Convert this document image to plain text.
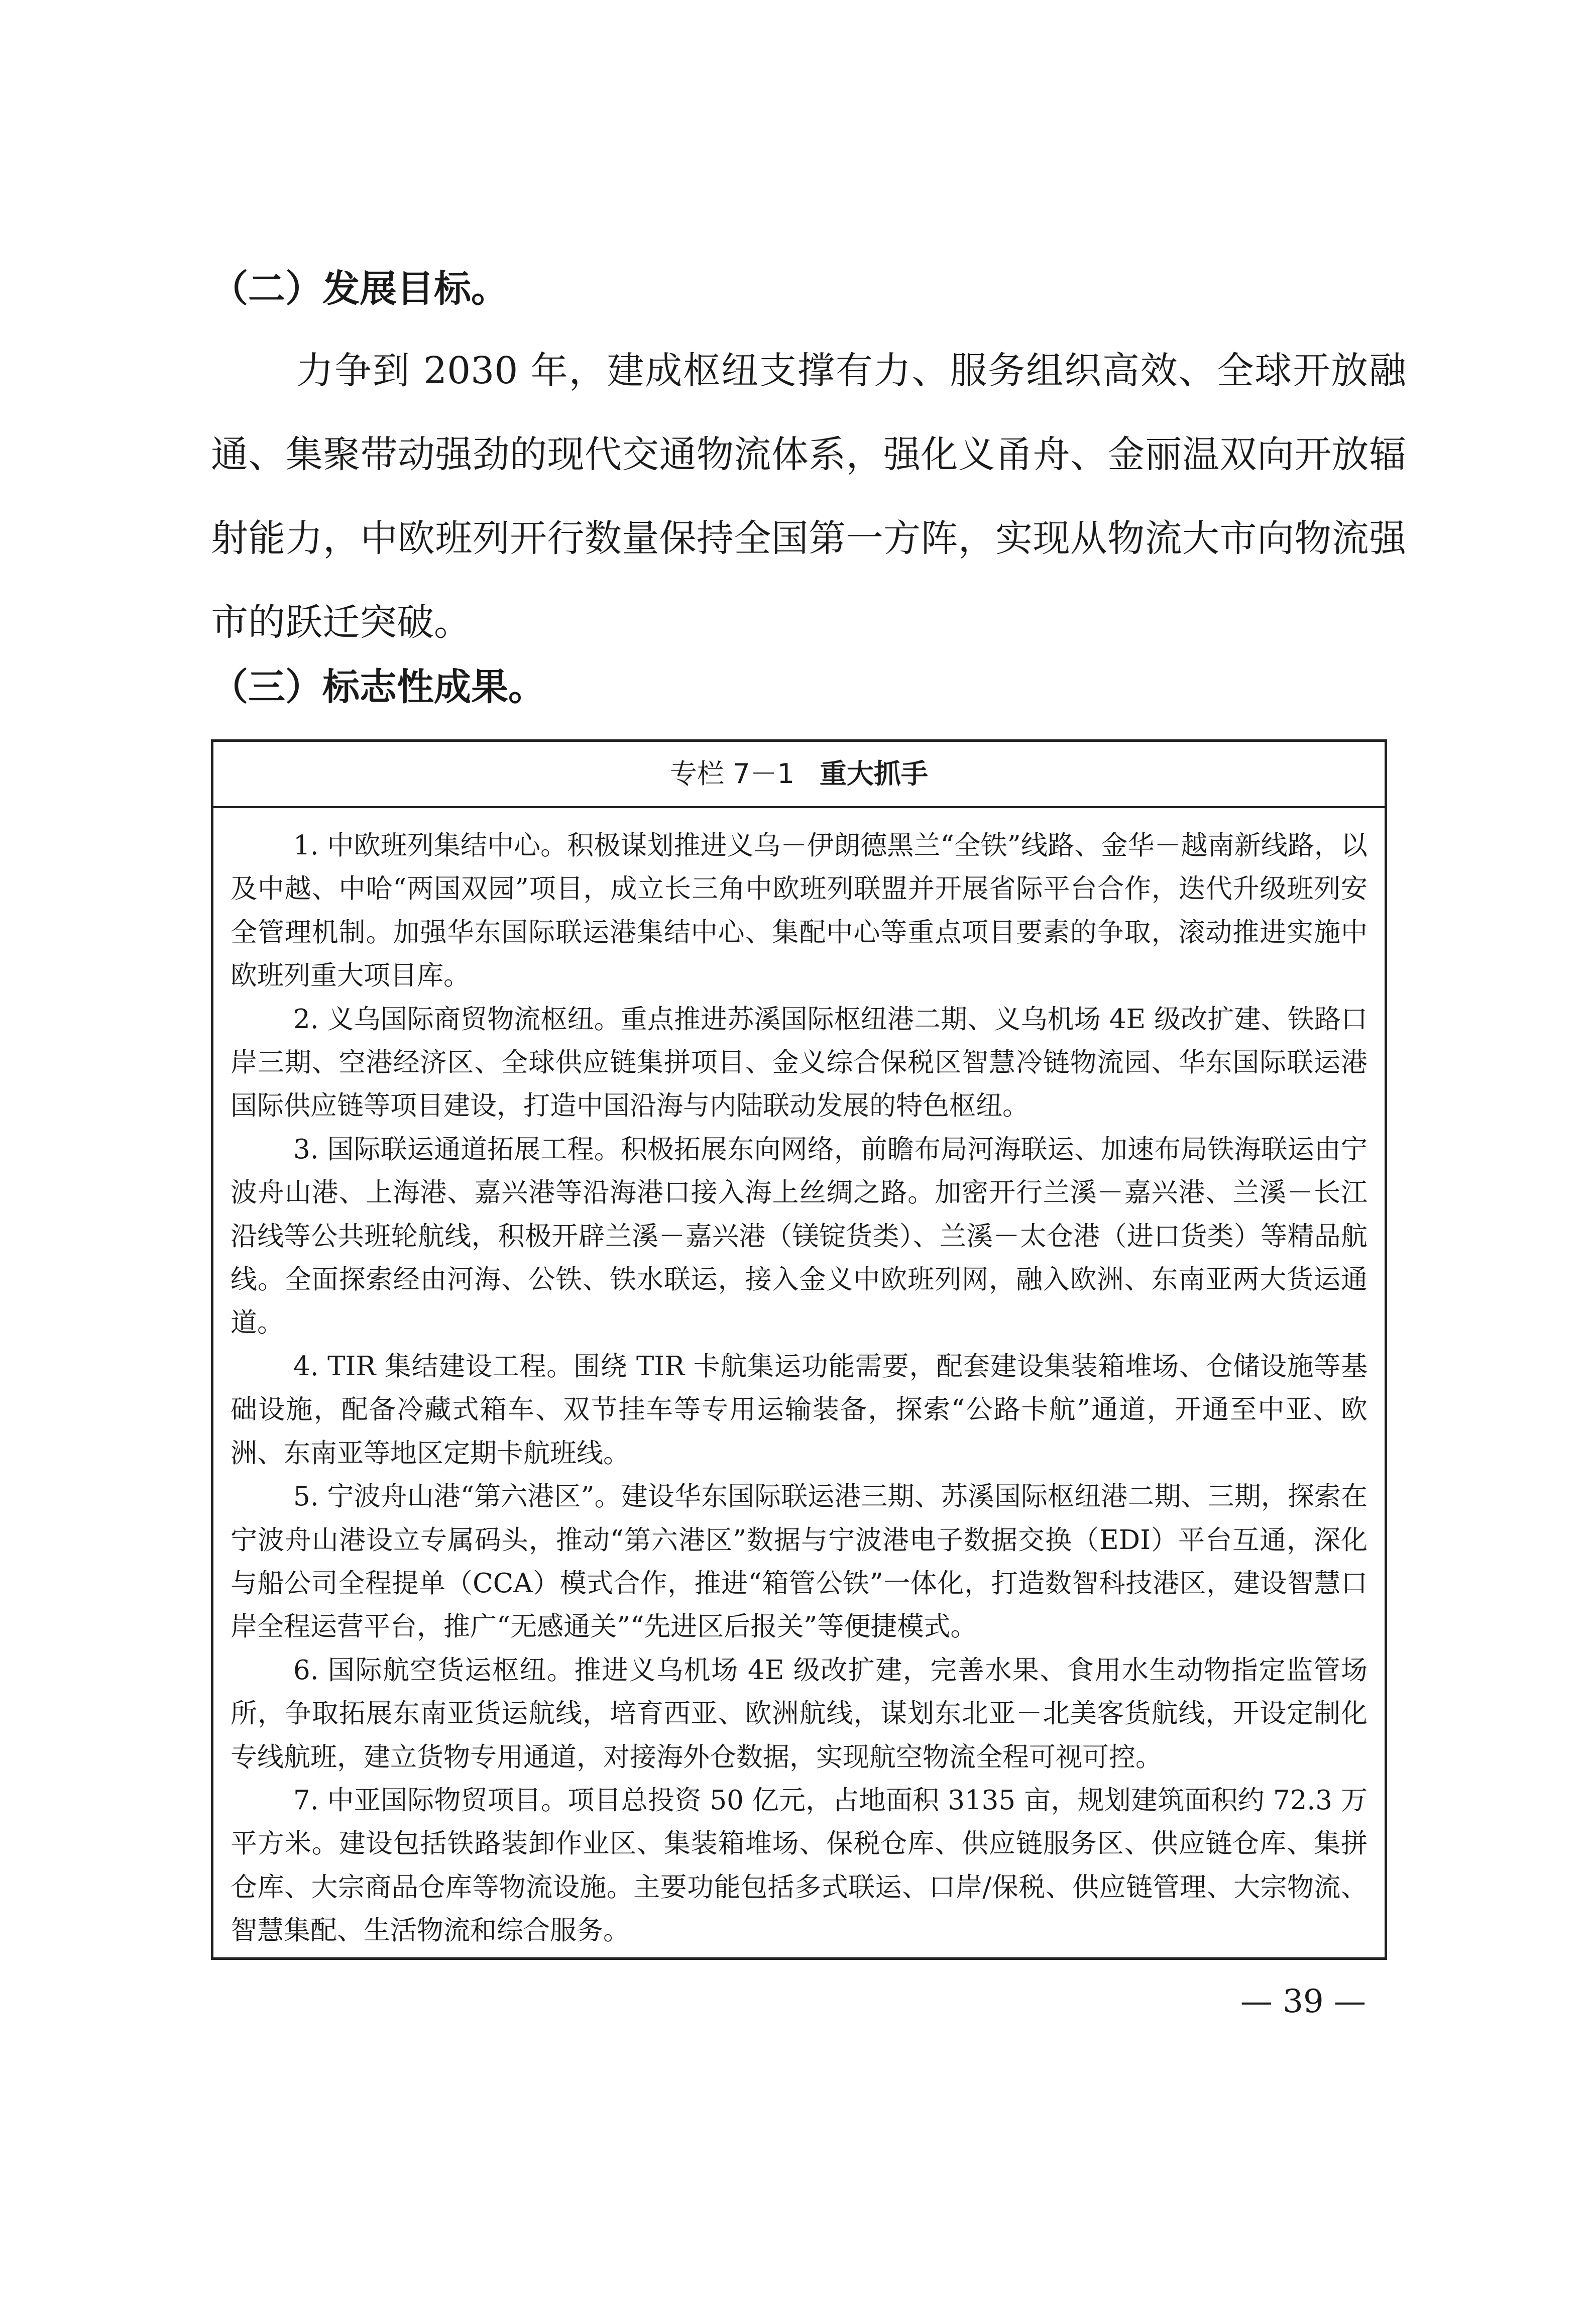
（二）发展目标。

力争到 2030 年，建成枢纽支撑有力、服务组织高效、全球开放融通、集聚带动强劲的现代交通物流体系，强化义甬舟、金丽温双向开放辐射能力，中欧班列开行数量保持全国第一方阵，实现从物流大市向物流强市的跃迁突破。

（三）标志性成果。
专栏 7－1 重大抓手

1. 中欧班列集结中心。积极谋划推进义乌－伊朗德黑兰“全铁”线路、金华－越南新线路，以及中越、中哈“两国双园”项目，成立长三角中欧班列联盟并开展省际平台合作，迭代升级班列安全管理机制。加强华东国际联运港集结中心、集配中心等重点项目要素的争取，滚动推进实施中欧班列重大项目库。

2. 义乌国际商贸物流枢纽。重点推进苏溪国际枢纽港二期、义乌机场 4E 级改扩建、铁路口岸三期、空港经济区、全球供应链集拼项目、金义综合保税区智慧冷链物流园、华东国际联运港国际供应链等项目建设，打造中国沿海与内陆联动发展的特色枢纽。

3. 国际联运通道拓展工程。积极拓展东向网络，前瞻布局河海联运、加速布局铁海联运由宁波舟山港、上海港、嘉兴港等沿海港口接入海上丝绸之路。加密开行兰溪－嘉兴港、兰溪－长江沿线等公共班轮航线，积极开辟兰溪－嘉兴港（镁锭货类）、兰溪－太仓港（进口货类）等精品航线。全面探索经由河海、公铁、铁水联运，接入金义中欧班列网，融入欧洲、东南亚两大货运通道。

4. TIR 集结建设工程。围绕 TIR 卡航集运功能需要，配套建设集装箱堆场、仓储设施等基础设施，配备冷藏式箱车、双节挂车等专用运输装备，探索“公路卡航”通道，开通至中亚、欧洲、东南亚等地区定期卡航班线。

5. 宁波舟山港“第六港区”。建设华东国际联运港三期、苏溪国际枢纽港二期、三期，探索在宁波舟山港设立专属码头，推动“第六港区”数据与宁波港电子数据交换（EDI）平台互通，深化与船公司全程提单（CCA）模式合作，推进“箱管公铁”一体化，打造数智科技港区，建设智慧口岸全程运营平台，推广“无感通关”“先进区后报关”等便捷模式。

6. 国际航空货运枢纽。推进义乌机场 4E 级改扩建，完善水果、食用水生动物指定监管场所，争取拓展东南亚货运航线，培育西亚、欧洲航线，谋划东北亚－北美客货航线，开设定制化专线航班，建立货物专用通道，对接海外仓数据，实现航空物流全程可视可控。

7. 中亚国际物贸项目。项目总投资 50 亿元，占地面积 3135 亩，规划建筑面积约 72.3 万平方米。建设包括铁路装卸作业区、集装箱堆场、保税仓库、供应链服务区、供应链仓库、集拼仓库、大宗商品仓库等物流设施。主要功能包括多式联运、口岸/保税、供应链管理、大宗物流、智慧集配、生活物流和综合服务。

— 39 —
